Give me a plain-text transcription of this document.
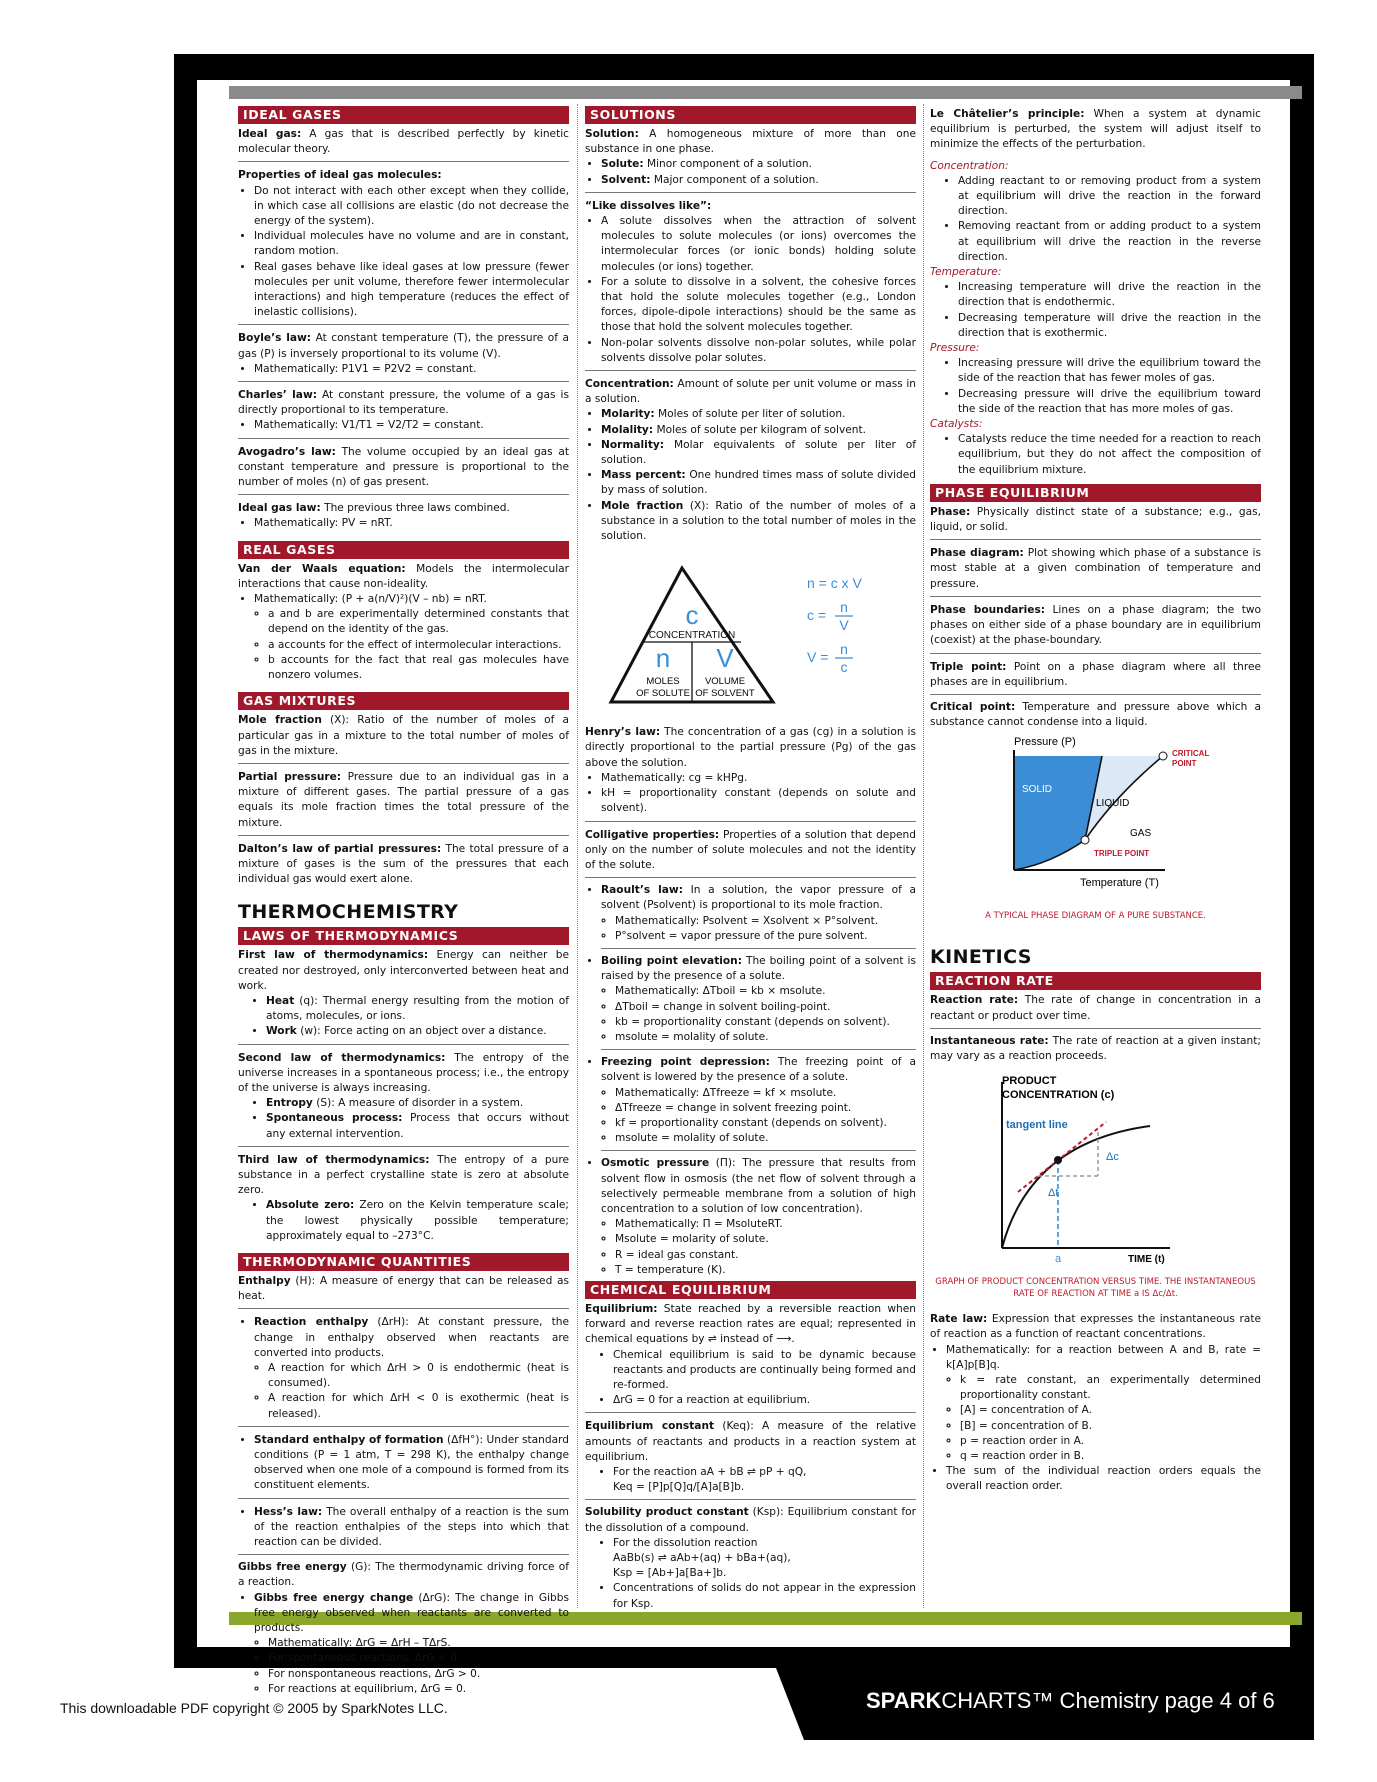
This downloadable PDF copyright © 2005 by SparkNotes LLC.	SPARKCHARTS™ Chemistry page 4 of 6
IDEAL GASES

Ideal gas: A gas that is described perfectly by kinetic molecular theory.

Properties of ideal gas molecules:

• Do not interact with each other except when they collide, in which case all collisions are elastic (do not decrease the energy of the system).
• Individual molecules have no volume and are in constant, random motion.
• Real gases behave like ideal gases at low pressure (fewer molecules per unit volume, therefore fewer intermolecular interactions) and high temperature (reduces the effect of inelastic collisions).

Boyle’s law: At constant temperature (T), the pressure of a gas (P) is inversely proportional to its volume (V).

• Mathematically: P1V1 = P2V2 = constant.

Charles’ law: At constant pressure, the volume of a gas is directly proportional to its temperature.

• Mathematically: V1/T1 = V2/T2 = constant.

Avogadro’s law: The volume occupied by an ideal gas at constant temperature and pressure is proportional to the number of moles (n) of gas present.

Ideal gas law: The previous three laws combined.

• Mathematically: PV = nRT.
REAL GASES

Van der Waals equation: Models the intermolecular interactions that cause non-ideality.

• Mathematically: (P + a(n/V)²)(V – nb) = nRT.
◦ a and b are experimentally determined constants that depend on the identity of the gas.
◦ a accounts for the effect of intermolecular interactions.
◦ b accounts for the fact that real gas molecules have nonzero volumes.
GAS MIXTURES

Mole fraction (X): Ratio of the number of moles of a particular gas in a mixture to the total number of moles of gas in the mixture.

Partial pressure: Pressure due to an individual gas in a mixture of different gases. The partial pressure of a gas equals its mole fraction times the total pressure of the mixture.

Dalton’s law of partial pressures: The total pressure of a mixture of gases is the sum of the pressures that each individual gas would exert alone.

THERMOCHEMISTRY
LAWS OF THERMODYNAMICS

First law of thermodynamics: Energy can neither be created nor destroyed, only interconverted between heat and work.

• Heat (q): Thermal energy resulting from the motion of atoms, molecules, or ions.
• Work (w): Force acting on an object over a distance.

Second law of thermodynamics: The entropy of the universe increases in a spontaneous process; i.e., the entropy of the universe is always increasing.

• Entropy (S): A measure of disorder in a system.
• Spontaneous process: Process that occurs without any external intervention.

Third law of thermodynamics: The entropy of a pure substance in a perfect crystalline state is zero at absolute zero.

• Absolute zero: Zero on the Kelvin temperature scale; the lowest physically possible temperature; approximately equal to –273°C.
THERMODYNAMIC QUANTITIES

Enthalpy (H): A measure of energy that can be released as heat.

• Reaction enthalpy (ΔrH): At constant pressure, the change in enthalpy observed when reactants are converted into products.
◦ A reaction for which ΔrH > 0 is endothermic (heat is consumed).
◦ A reaction for which ΔrH < 0 is exothermic (heat is released).
• Standard enthalpy of formation (ΔfH°): Under standard conditions (P = 1 atm, T = 298 K), the enthalpy change observed when one mole of a compound is formed from its constituent elements.
• Hess’s law: The overall enthalpy of a reaction is the sum of the reaction enthalpies of the steps into which that reaction can be divided.

Gibbs free energy (G): The thermodynamic driving force of a reaction.

• Gibbs free energy change (ΔrG): The change in Gibbs free energy observed when reactants are converted to products.
◦ Mathematically: ΔrG = ΔrH – TΔrS.
◦ For spontaneous reactions, ΔrG < 0.
◦ For nonspontaneous reactions, ΔrG > 0.
◦ For reactions at equilibrium, ΔrG = 0.
SOLUTIONS

Solution: A homogeneous mixture of more than one substance in one phase.

• Solute: Minor component of a solution.
• Solvent: Major component of a solution.

“Like dissolves like”:

• A solute dissolves when the attraction of solvent molecules to solute molecules (or ions) overcomes the intermolecular forces (or ionic bonds) holding solute molecules (or ions) together.
• For a solute to dissolve in a solvent, the cohesive forces that hold the solute molecules together (e.g., London forces, dipole-dipole interactions) should be the same as those that hold the solvent molecules together.
• Non-polar solvents dissolve non-polar solutes, while polar solvents dissolve polar solutes.

Concentration: Amount of solute per unit volume or mass in a solution.

• Molarity: Moles of solute per liter of solution.
• Molality: Moles of solute per kilogram of solvent.
• Normality: Molar equivalents of solute per liter of solution.
• Mass percent: One hundred times mass of solute divided by mass of solution.
• Mole fraction (X): Ratio of the number of moles of a substance in a solution to the total number of moles in the solution.
c
CONCENTRATION
n
MOLES
OF SOLUTE
V
VOLUME
OF SOLVENT
n = c x V
c = n
V
V = n
c

Henry’s law: The concentration of a gas (cg) in a solution is directly proportional to the partial pressure (Pg) of the gas above the solution.

• Mathematically: cg = kHPg.
• kH = proportionality constant (depends on solute and solvent).

Colligative properties: Properties of a solution that depend only on the number of solute molecules and not the identity of the solute.

• Raoult’s law: In a solution, the vapor pressure of a solvent (Psolvent) is proportional to its mole fraction.
◦ Mathematically: Psolvent = Xsolvent × P°solvent.
◦ P°solvent = vapor pressure of the pure solvent.
• Boiling point elevation: The boiling point of a solvent is raised by the presence of a solute.
◦ Mathematically: ΔTboil = kb × msolute.
◦ ΔTboil = change in solvent boiling-point.
◦ kb = proportionality constant (depends on solvent).
◦ msolute = molality of solute.
• Freezing point depression: The freezing point of a solvent is lowered by the presence of a solute.
◦ Mathematically: ΔTfreeze = kf × msolute.
◦ ΔTfreeze = change in solvent freezing point.
◦ kf = proportionality constant (depends on solvent).
◦ msolute = molality of solute.
• Osmotic pressure (Π): The pressure that results from solvent flow in osmosis (the net flow of solvent through a selectively permeable membrane from a solution of high concentration to a solution of low concentration).
◦ Mathematically: Π = MsoluteRT.
◦ Msolute = molarity of solute.
◦ R = ideal gas constant.
◦ T = temperature (K).
CHEMICAL EQUILIBRIUM

Equilibrium: State reached by a reversible reaction when forward and reverse reaction rates are equal; represented in chemical equations by ⇌ instead of ⟶.

• Chemical equilibrium is said to be dynamic because reactants and products are continually being formed and re-formed.
• ΔrG = 0 for a reaction at equilibrium.

Equilibrium constant (Keq): A measure of the relative amounts of reactants and products in a reaction system at equilibrium.

• For the reaction aA + bB ⇌ pP + qQ,
Keq = [P]p[Q]q/[A]a[B]b.

Solubility product constant (Ksp): Equilibrium constant for the dissolution of a compound.

• For the dissolution reaction
AaBb(s) ⇌ aAb+(aq) + bBa+(aq),
Ksp = [Ab+]a[Ba+]b.
• Concentrations of solids do not appear in the expression for Ksp.

Le Châtelier’s principle: When a system at dynamic equilibrium is perturbed, the system will adjust itself to minimize the effects of the perturbation.

Concentration:
• Adding reactant to or removing product from a system at equilibrium will drive the reaction in the forward direction.
• Removing reactant from or adding product to a system at equilibrium will drive the reaction in the reverse direction.
Temperature:
• Increasing temperature will drive the reaction in the direction that is endothermic.
• Decreasing temperature will drive the reaction in the direction that is exothermic.
Pressure:
• Increasing pressure will drive the equilibrium toward the side of the reaction that has fewer moles of gas.
• Decreasing pressure will drive the equilibrium toward the side of the reaction that has more moles of gas.
Catalysts:
• Catalysts reduce the time needed for a reaction to reach equilibrium, but they do not affect the composition of the equilibrium mixture.
PHASE EQUILIBRIUM

Phase: Physically distinct state of a substance; e.g., gas, liquid, or solid.

Phase diagram: Plot showing which phase of a substance is most stable at a given combination of temperature and pressure.

Phase boundaries: Lines on a phase diagram; the two phases on either side of a phase boundary are in equilibrium (coexist) at the phase-boundary.

Triple point: Point on a phase diagram where all three phases are in equilibrium.

Critical point: Temperature and pressure above which a substance cannot condense into a liquid.

Pressure (P)
Temperature (T)
SOLID
LIQUID
GAS
CRITICAL
POINT
TRIPLE POINT
A TYPICAL PHASE DIAGRAM OF A PURE SUBSTANCE.
KINETICS
REACTION RATE

Reaction rate: The rate of change in concentration in a reactant or product over time.

Instantaneous rate: The rate of reaction at a given instant; may vary as a reaction proceeds.

PRODUCT
CONCENTRATION (c)
tangent line
Δc
Δt
a	TIME (t)
GRAPH OF PRODUCT CONCENTRATION VERSUS TIME. THE INSTANTANEOUS
RATE OF REACTION AT TIME a IS Δc/Δt.

Rate law: Expression that expresses the instantaneous rate of reaction as a function of reactant concentrations.

• Mathematically: for a reaction between A and B, rate = k[A]p[B]q.
◦ k = rate constant, an experimentally determined proportionality constant.
◦ [A] = concentration of A.
◦ [B] = concentration of B.
◦ p = reaction order in A.
◦ q = reaction order in B.
• The sum of the individual reaction orders equals the overall reaction order.
